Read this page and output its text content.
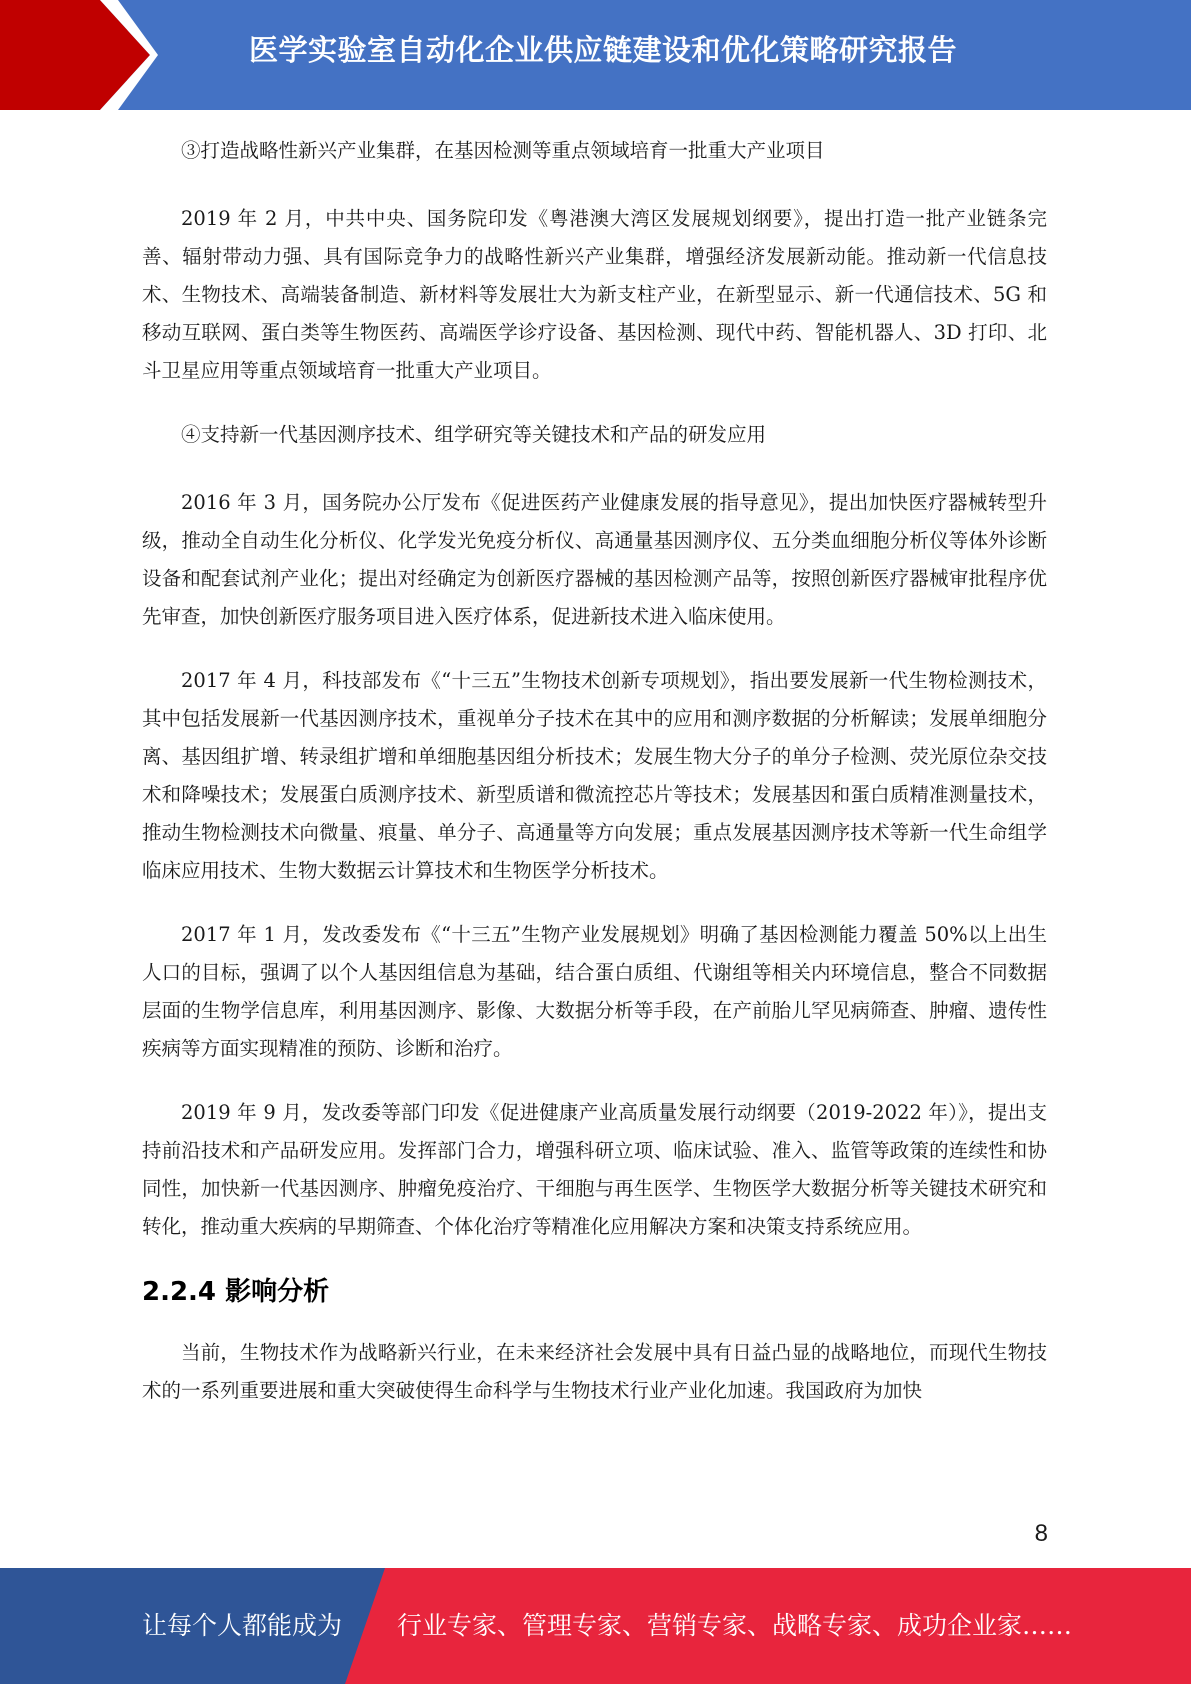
医学实验室自动化企业供应链建设和优化策略研究报告

③打造战略性新兴产业集群，在基因检测等重点领域培育一批重大产业项目

2019 年 2 月，中共中央、国务院印发《粤港澳大湾区发展规划纲要》，提出打造一批产业链条完善、辐射带动力强、具有国际竞争力的战略性新兴产业集群，增强经济发展新动能。推动新一代信息技术、生物技术、高端装备制造、新材料等发展壮大为新支柱产业，在新型显示、新一代通信技术、5G 和移动互联网、蛋白类等生物医药、高端医学诊疗设备、基因检测、现代中药、智能机器人、3D 打印、北斗卫星应用等重点领域培育一批重大产业项目。

④支持新一代基因测序技术、组学研究等关键技术和产品的研发应用

2016 年 3 月，国务院办公厅发布《促进医药产业健康发展的指导意见》，提出加快医疗器械转型升级，推动全自动生化分析仪、化学发光免疫分析仪、高通量基因测序仪、五分类血细胞分析仪等体外诊断设备和配套试剂产业化；提出对经确定为创新医疗器械的基因检测产品等，按照创新医疗器械审批程序优先审查，加快创新医疗服务项目进入医疗体系，促进新技术进入临床使用。

2017 年 4 月，科技部发布《“十三五”生物技术创新专项规划》，指出要发展新一代生物检测技术，其中包括发展新一代基因测序技术，重视单分子技术在其中的应用和测序数据的分析解读；发展单细胞分离、基因组扩增、转录组扩增和单细胞基因组分析技术；发展生物大分子的单分子检测、荧光原位杂交技术和降噪技术；发展蛋白质测序技术、新型质谱和微流控芯片等技术；发展基因和蛋白质精准测量技术，推动生物检测技术向微量、痕量、单分子、高通量等方向发展；重点发展基因测序技术等新一代生命组学临床应用技术、生物大数据云计算技术和生物医学分析技术。

2017 年 1 月，发改委发布《“十三五”生物产业发展规划》明确了基因检测能力覆盖 50%以上出生人口的目标，强调了以个人基因组信息为基础，结合蛋白质组、代谢组等相关内环境信息，整合不同数据层面的生物学信息库，利用基因测序、影像、大数据分析等手段，在产前胎儿罕见病筛查、肿瘤、遗传性疾病等方面实现精准的预防、诊断和治疗。

2019 年 9 月，发改委等部门印发《促进健康产业高质量发展行动纲要（2019-2022 年）》，提出支持前沿技术和产品研发应用。发挥部门合力，增强科研立项、临床试验、准入、监管等政策的连续性和协同性，加快新一代基因测序、肿瘤免疫治疗、干细胞与再生医学、生物医学大数据分析等关键技术研究和转化，推动重大疾病的早期筛查、个体化治疗等精准化应用解决方案和决策支持系统应用。

2.2.4 影响分析

当前，生物技术作为战略新兴行业，在未来经济社会发展中具有日益凸显的战略地位，而现代生物技术的一系列重要进展和重大突破使得生命科学与生物技术行业产业化加速。我国政府为加快

8
让每个人都能成为 行业专家、管理专家、营销专家、战略专家、成功企业家……
